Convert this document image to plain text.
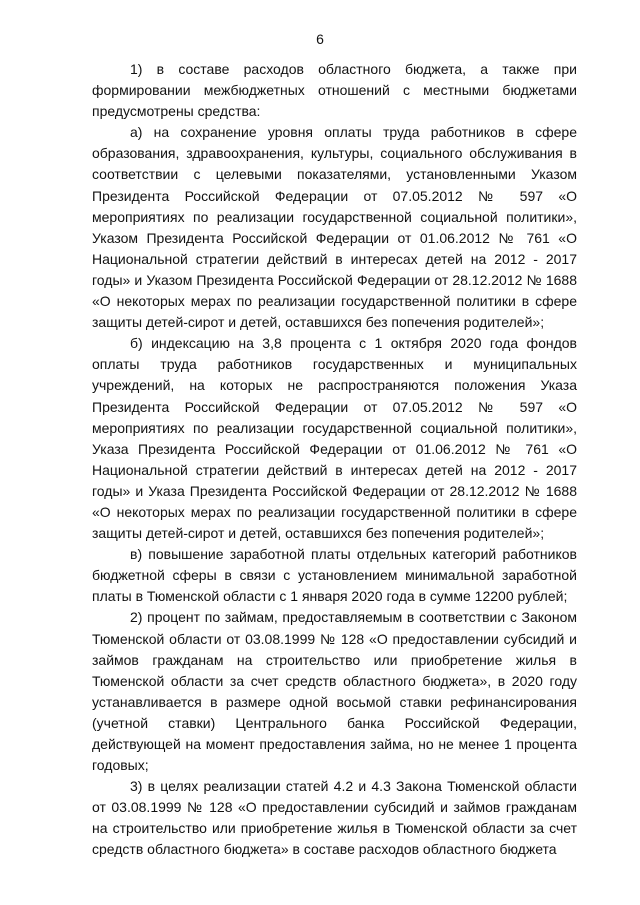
6

1) в составе расходов областного бюджета, а также при формировании межбюджетных отношений с местными бюджетами предусмотрены средства:

а) на сохранение уровня оплаты труда работников в сфере образования, здравоохранения, культуры, социального обслуживания в соответствии с целевыми показателями, установленными Указом Президента Российской Федерации от 07.05.2012 № 597 «О мероприятиях по реализации государственной социальной политики», Указом Президента Российской Федерации от 01.06.2012 № 761 «О Национальной стратегии действий в интересах детей на 2012 - 2017 годы» и Указом Президента Российской Федерации от 28.12.2012 № 1688 «О некоторых мерах по реализации государственной политики в сфере защиты детей-сирот и детей, оставшихся без попечения родителей»;

б) индексацию на 3,8 процента с 1 октября 2020 года фондов оплаты труда работников государственных и муниципальных учреждений, на которых не распространяются положения Указа Президента Российской Федерации от 07.05.2012 № 597 «О мероприятиях по реализации государственной социальной политики», Указа Президента Российской Федерации от 01.06.2012 № 761 «О Национальной стратегии действий в интересах детей на 2012 - 2017 годы» и Указа Президента Российской Федерации от 28.12.2012 № 1688 «О некоторых мерах по реализации государственной политики в сфере защиты детей-сирот и детей, оставшихся без попечения родителей»;

в) повышение заработной платы отдельных категорий работников бюджетной сферы в связи с установлением минимальной заработной платы в Тюменской области с 1 января 2020 года в сумме 12200 рублей;

2) процент по займам, предоставляемым в соответствии с Законом Тюменской области от 03.08.1999 № 128 «О предоставлении субсидий и займов гражданам на строительство или приобретение жилья в Тюменской области за счет средств областного бюджета», в 2020 году устанавливается в размере одной восьмой ставки рефинансирования (учетной ставки) Центрального банка Российской Федерации, действующей на момент предоставления займа, но не менее 1 процента годовых;

3) в целях реализации статей 4.2 и 4.3 Закона Тюменской области от 03.08.1999 № 128 «О предоставлении субсидий и займов гражданам на строительство или приобретение жилья в Тюменской области за счет средств областного бюджета» в составе расходов областного бюджета
